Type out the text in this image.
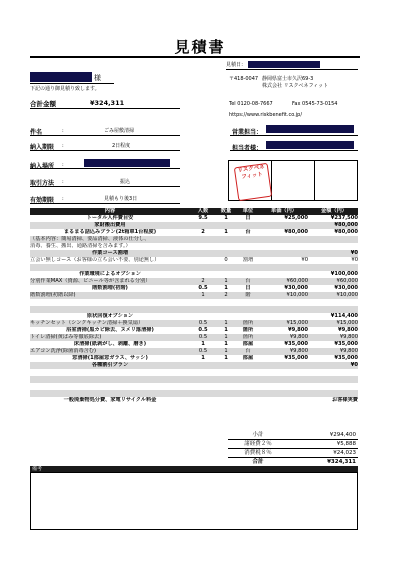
見積書
見積日：
様
下記の通り御見積り致します。
〒418-0047 静岡県富士市久沢69-3
株式会社 リスクベネフィット
Tel 0120-08-7667	Fax 0545-73-0154
https://www.riskbenefit.co.jp/
合計金額	¥324,311
件名	:	ごみ屋敷清掃
納入期限 :	2日程度
納入場所 :
取引方法 :	振込
有効期限 :	見積もり後3日
営業担当：
担当者様：
リスクベネフィット
内容	人数	数量	単位	単価（円）	金額（円）
トータル人件費目安	9.5	1	日	¥25,000	¥237,500
家財搬出費用	¥80,000
まるまる詰込みプラン(2t箱車1台程度)	2	1	台	¥80,000	¥80,000
（基本内容：簡易清掃、要品清掃、液体の仕分し、
消毒、養生、搬出、通路清掃を含みます。）
作業コース割増	¥0
立会い無しコース（お客様の立ち会い不要、別途無し）	0	割増	¥0	¥0
作業環境によるオプション	¥100,000
分別作業MAX（資源、ビニール等が含まれる分別）	2	1	台	¥60,000	¥60,000
階数割増(初階)	0.5	1	日	¥30,000	¥30,000
階数割増(初階以降)	1	2	階	¥10,000	¥10,000
原状回復オプション	¥114,400
キッチンセット（シンクキッチン清掃＋換気扇）	0.5	1	箇所	¥15,000	¥15,000
浴室清掃(黒カビ除去、ヌメリ落清掃)	0.5	1	箇所	¥9,800	¥9,800
トイレ清掃(黄ばみ等徹底除去)	0.5	1	箇所	¥9,800	¥9,800
床清掃(紙剥がし、剥離、磨き)	1	1	部屋	¥35,000	¥35,000
エアコン洗浄(除菌消毒含む)	0.5	1	台	¥9,800	¥9,800
窓清掃(1部屋窓ガラス、サッシ)	1	1	部屋	¥35,000	¥35,000
各種割引プラン	¥0
一般廃棄物処分費、家電リサイクル料金	お客様実費
小計	¥294,400
諸経費２％	¥5,888
消費税８％	¥24,023
合計	¥324,311
備考
